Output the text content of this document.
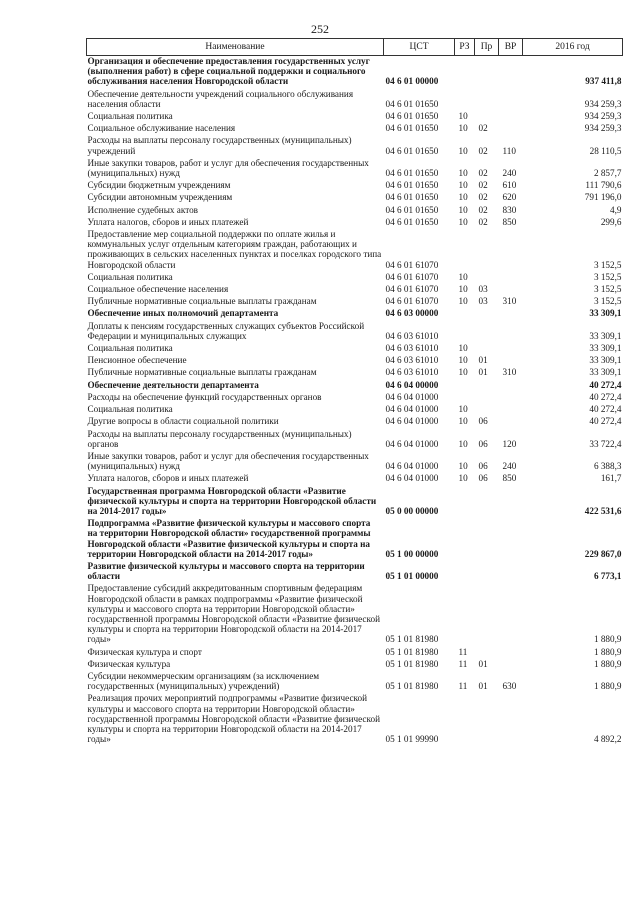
252
Наименование	ЦСТ	РЗ	Пр	ВР	2016 год
Организация и обеспечение предоставления государственных услуг (выполнения работ) в сфере социальной поддержки и социального обслуживания населения Новгородской области	04 6 01 00000				937 411,8
Обеспечение деятельности учреждений социального обслуживания населения области	04 6 01 01650				934 259,3
Социальная политика	04 6 01 01650	10			934 259,3
Социальное обслуживание населения	04 6 01 01650	10	02		934 259,3
Расходы на выплаты персоналу государственных (муниципальных) учреждений	04 6 01 01650	10	02	110	28 110,5
Иные закупки товаров, работ и услуг для обеспечения государственных (муниципальных) нужд	04 6 01 01650	10	02	240	2 857,7
Субсидии бюджетным учреждениям	04 6 01 01650	10	02	610	111 790,6
Субсидии автономным учреждениям	04 6 01 01650	10	02	620	791 196,0
Исполнение судебных актов	04 6 01 01650	10	02	830	4,9
Уплата налогов, сборов и иных платежей	04 6 01 01650	10	02	850	299,6
Предоставление мер социальной поддержки по оплате жилья и коммунальных услуг отдельным категориям граждан, работающих и проживающих в сельских населенных пунктах и поселках городского типа Новгородской области	04 6 01 61070				3 152,5
Социальная политика	04 6 01 61070	10			3 152,5
Социальное обеспечение населения	04 6 01 61070	10	03		3 152,5
Публичные нормативные социальные выплаты гражданам	04 6 01 61070	10	03	310	3 152,5
Обеспечение иных полномочий департамента	04 6 03 00000				33 309,1
Доплаты к пенсиям государственных служащих субъектов Российской Федерации и муниципальных служащих	04 6 03 61010				33 309,1
Социальная политика	04 6 03 61010	10			33 309,1
Пенсионное обеспечение	04 6 03 61010	10	01		33 309,1
Публичные нормативные социальные выплаты гражданам	04 6 03 61010	10	01	310	33 309,1
Обеспечение деятельности департамента	04 6 04 00000				40 272,4
Расходы на обеспечение функций государственных органов	04 6 04 01000				40 272,4
Социальная политика	04 6 04 01000	10			40 272,4
Другие вопросы в области социальной политики	04 6 04 01000	10	06		40 272,4
Расходы на выплаты персоналу государственных (муниципальных) органов	04 6 04 01000	10	06	120	33 722,4
Иные закупки товаров, работ и услуг для обеспечения государственных (муниципальных) нужд	04 6 04 01000	10	06	240	6 388,3
Уплата налогов, сборов и иных платежей	04 6 04 01000	10	06	850	161,7
Государственная программа Новгородской области «Развитие физической культуры и спорта на территории Новгородской области на 2014-2017 годы»	05 0 00 00000				422 531,6
Подпрограмма «Развитие физической культуры и массового спорта на территории Новгородской области» государственной программы Новгородской области «Развитие физической культуры и спорта на территории Новгородской области на 2014-2017 годы»	05 1 00 00000				229 867,0
Развитие физической культуры и массового спорта на территории области	05 1 01 00000				6 773,1
Предоставление субсидий аккредитованным спортивным федерациям Новгородской области в рамках подпрограммы «Развитие физической культуры и массового спорта на территории Новгородской области» государственной программы Новгородской области «Развитие физической культуры и спорта на территории Новгородской области на 2014-2017 годы»	05 1 01 81980				1 880,9
Физическая культура и спорт	05 1 01 81980	11			1 880,9
Физическая культура	05 1 01 81980	11	01		1 880,9
Субсидии некоммерческим организациям (за исключением государственных (муниципальных) учреждений)	05 1 01 81980	11	01	630	1 880,9
Реализация прочих мероприятий подпрограммы «Развитие физической культуры и массового спорта на территории Новгородской области» государственной программы Новгородской области «Развитие физической культуры и спорта на территории Новгородской области на 2014-2017 годы»	05 1 01 99990				4 892,2
